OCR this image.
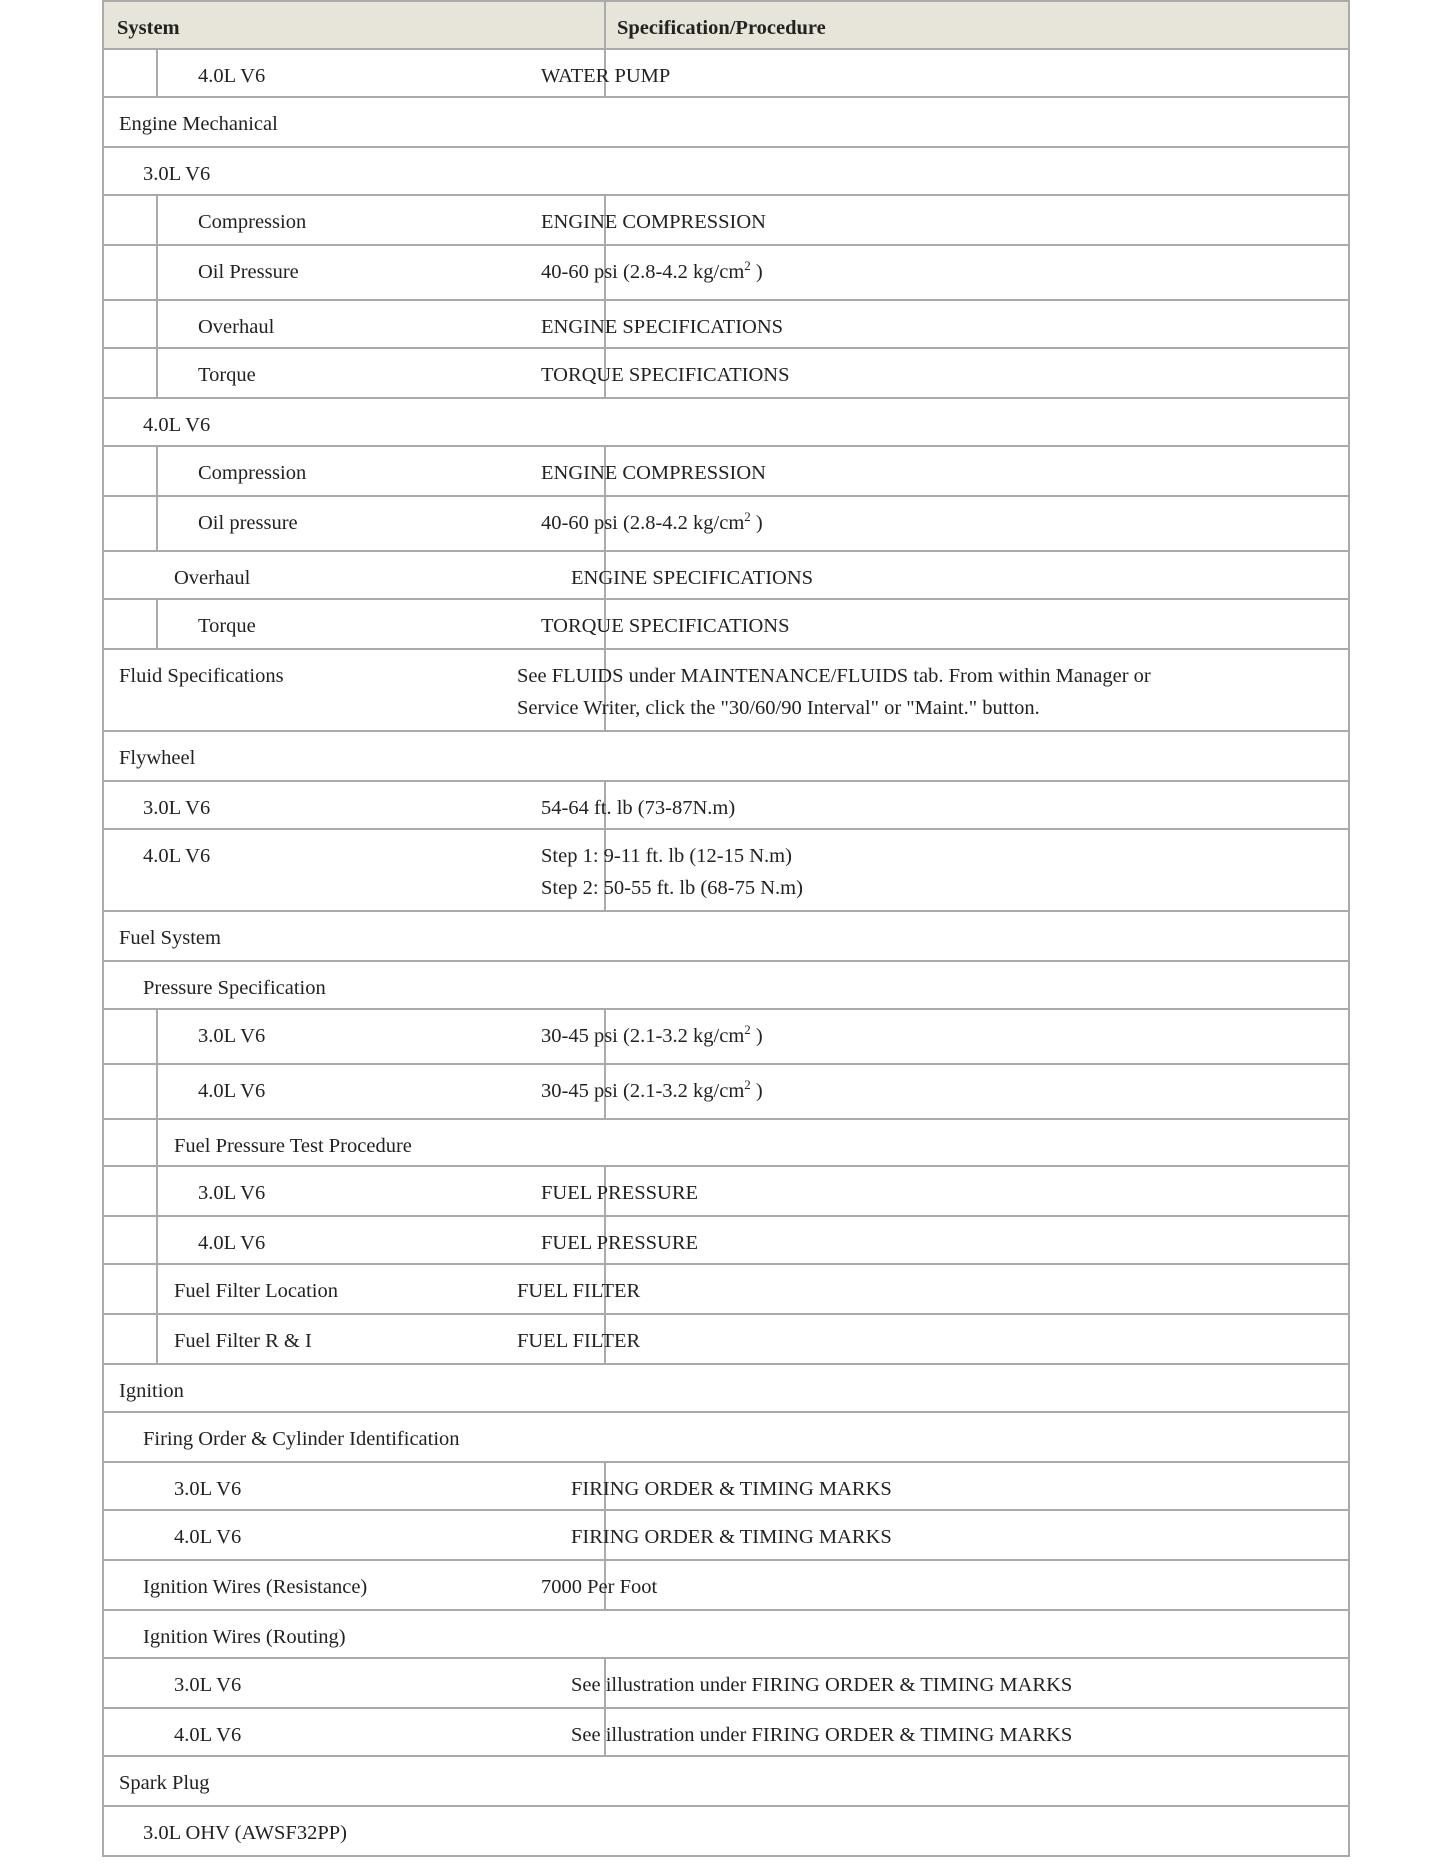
System	Specification/Procedure
4.0L V6	WATER PUMP
Engine Mechanical
3.0L V6
Compression	ENGINE COMPRESSION
Oil Pressure	40-60 psi (2.8-4.2 $kg/cm^2$ )
Overhaul	ENGINE SPECIFICATIONS
Torque	TORQUE SPECIFICATIONS
4.0L V6
Compression	ENGINE COMPRESSION
Oil pressure	40-60 psi (2.8-4.2 $kg/cm^2$ )
Overhaul	ENGINE SPECIFICATIONS
Torque	TORQUE SPECIFICATIONS
Fluid Specifications	See FLUIDS under MAINTENANCE/FLUIDS tab. From within Manager or
Service Writer, click the "30/60/90 Interval" or "Maint." button.
Flywheel
3.0L V6	54-64 ft. lb (73-87N.m)
4.0L V6	Step 1: 9-11 ft. lb (12-15 N.m)
Step 2: 50-55 ft. lb (68-75 N.m)
Fuel System
Pressure Specification
3.0L V6	30-45 psi (2.1-3.2 $kg/cm^2$ )
4.0L V6	30-45 psi (2.1-3.2 $kg/cm^2$ )
Fuel Pressure Test Procedure
3.0L V6	FUEL PRESSURE
4.0L V6	FUEL PRESSURE
Fuel Filter Location	FUEL FILTER
Fuel Filter R & I	FUEL FILTER
Ignition
Firing Order & Cylinder Identification
3.0L V6	FIRING ORDER & TIMING MARKS
4.0L V6	FIRING ORDER & TIMING MARKS
Ignition Wires (Resistance)	7000 Per Foot
Ignition Wires (Routing)
3.0L V6	See illustration under FIRING ORDER & TIMING MARKS
4.0L V6	See illustration under FIRING ORDER & TIMING MARKS
Spark Plug
3.0L OHV (AWSF32PP)
